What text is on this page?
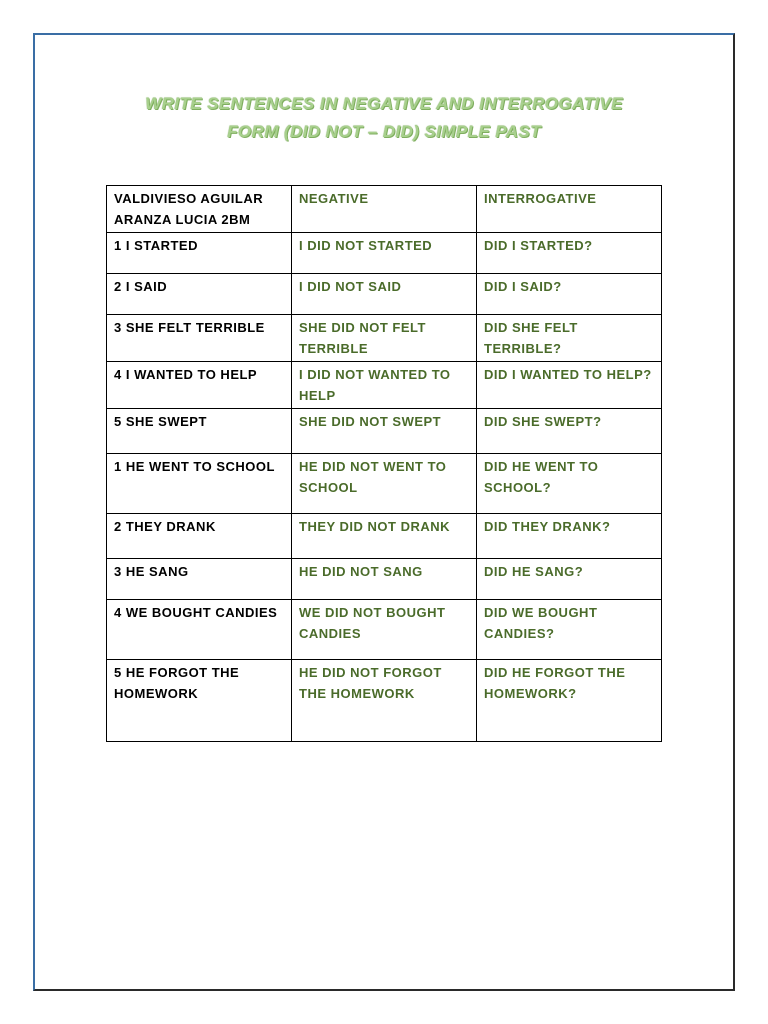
WRITE SENTENCES IN NEGATIVE AND INTERROGATIVE
FORM (DID NOT – DID) SIMPLE PAST
VALDIVIESO AGUILAR ARANZA LUCIA 2BM	NEGATIVE	INTERROGATIVE
1 I STARTED	I DID NOT STARTED	DID I STARTED?
2 I SAID	I DID NOT SAID	DID I SAID?
3 SHE FELT TERRIBLE	SHE DID NOT FELT TERRIBLE	DID SHE FELT TERRIBLE?
4 I WANTED TO HELP	I DID NOT WANTED TO HELP	DID I WANTED TO HELP?
5 SHE SWEPT	SHE DID NOT SWEPT	DID SHE SWEPT?
1 HE WENT TO SCHOOL	HE DID NOT WENT TO SCHOOL	DID HE WENT TO SCHOOL?
2 THEY DRANK	THEY DID NOT DRANK	DID THEY DRANK?
3 HE SANG	HE DID NOT SANG	DID HE SANG?
4 WE BOUGHT CANDIES	WE DID NOT BOUGHT CANDIES	DID WE BOUGHT CANDIES?
5 HE FORGOT THE HOMEWORK	HE DID NOT FORGOT THE HOMEWORK	DID HE FORGOT THE HOMEWORK?
